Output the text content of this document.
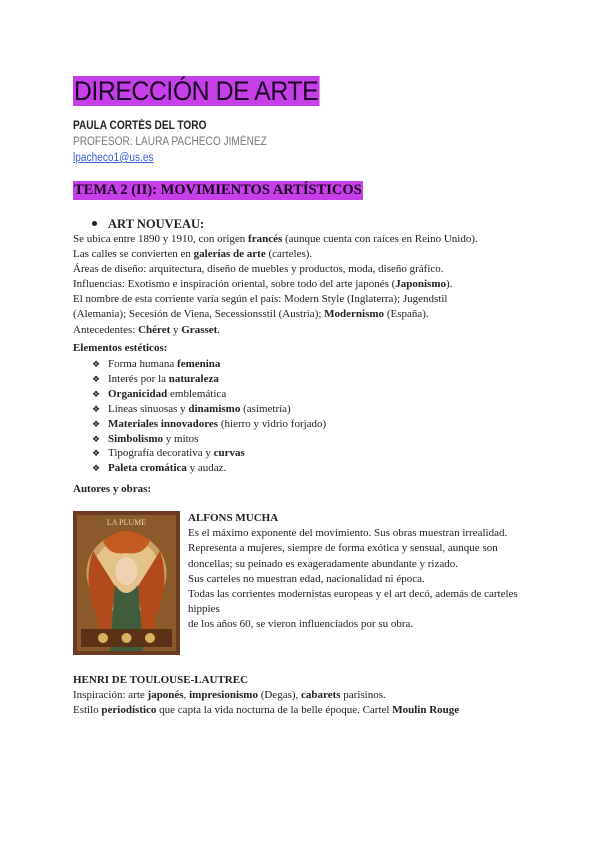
DIRECCIÓN DE ARTE
PAULA CORTÉS DEL TORO
PROFESOR: LAURA PACHECO JIMÉNEZ
lpacheco1@us.es
TEMA 2 (II): MOVIMIENTOS ARTÍSTICOS
ART NOUVEAU:
Se ubica entre 1890 y 1910, con origen francés (aunque cuenta con raíces en Reino Unido).
Las calles se convierten en galerías de arte (carteles).
Áreas de diseño: arquitectura, diseño de muebles y productos, moda, diseño gráfico.
Influencias: Exotismo e inspiración oriental, sobre todo del arte japonés (Japonismo).
El nombre de esta corriente varía según el país: Modern Style (Inglaterra); Jugendstil
(Alemania); Secesión de Viena, Secessionsstil (Austria); Modernismo (España).
Antecedentes: Chéret y Grasset.
Elementos estéticos:
❖ Forma humana femenina
❖ Interés por la naturaleza
❖ Organicidad emblemática
❖ Líneas sinuosas y dinamismo (asimetría)
❖ Materiales innovadores (hierro y vidrio forjado)
❖ Simbolismo y mitos
❖ Tipografía decorativa y curvas
❖ Paleta cromática y audaz.
Autores y obras:
LA PLUME	ALFONS MUCHA

Es el máximo exponente del movimiento. Sus obras muestran irrealidad. Representa a mujeres, siempre de forma exótica y sensual, aunque son doncellas; su peinado es exageradamente abundante y rizado.

Sus carteles no muestran edad, nacionalidad ni época.

Todas las corrientes modernistas europeas y el art decó, además de carteles hippies

de los años 60, se vieron influenciados por su obra.

HENRI DE TOULOUSE-LAUTREC

Inspiración: arte japonés, impresionismo (Degas), cabarets parisinos.

Estilo periodístico que capta la vida nocturna de la belle époque. Cartel Moulin Rouge
